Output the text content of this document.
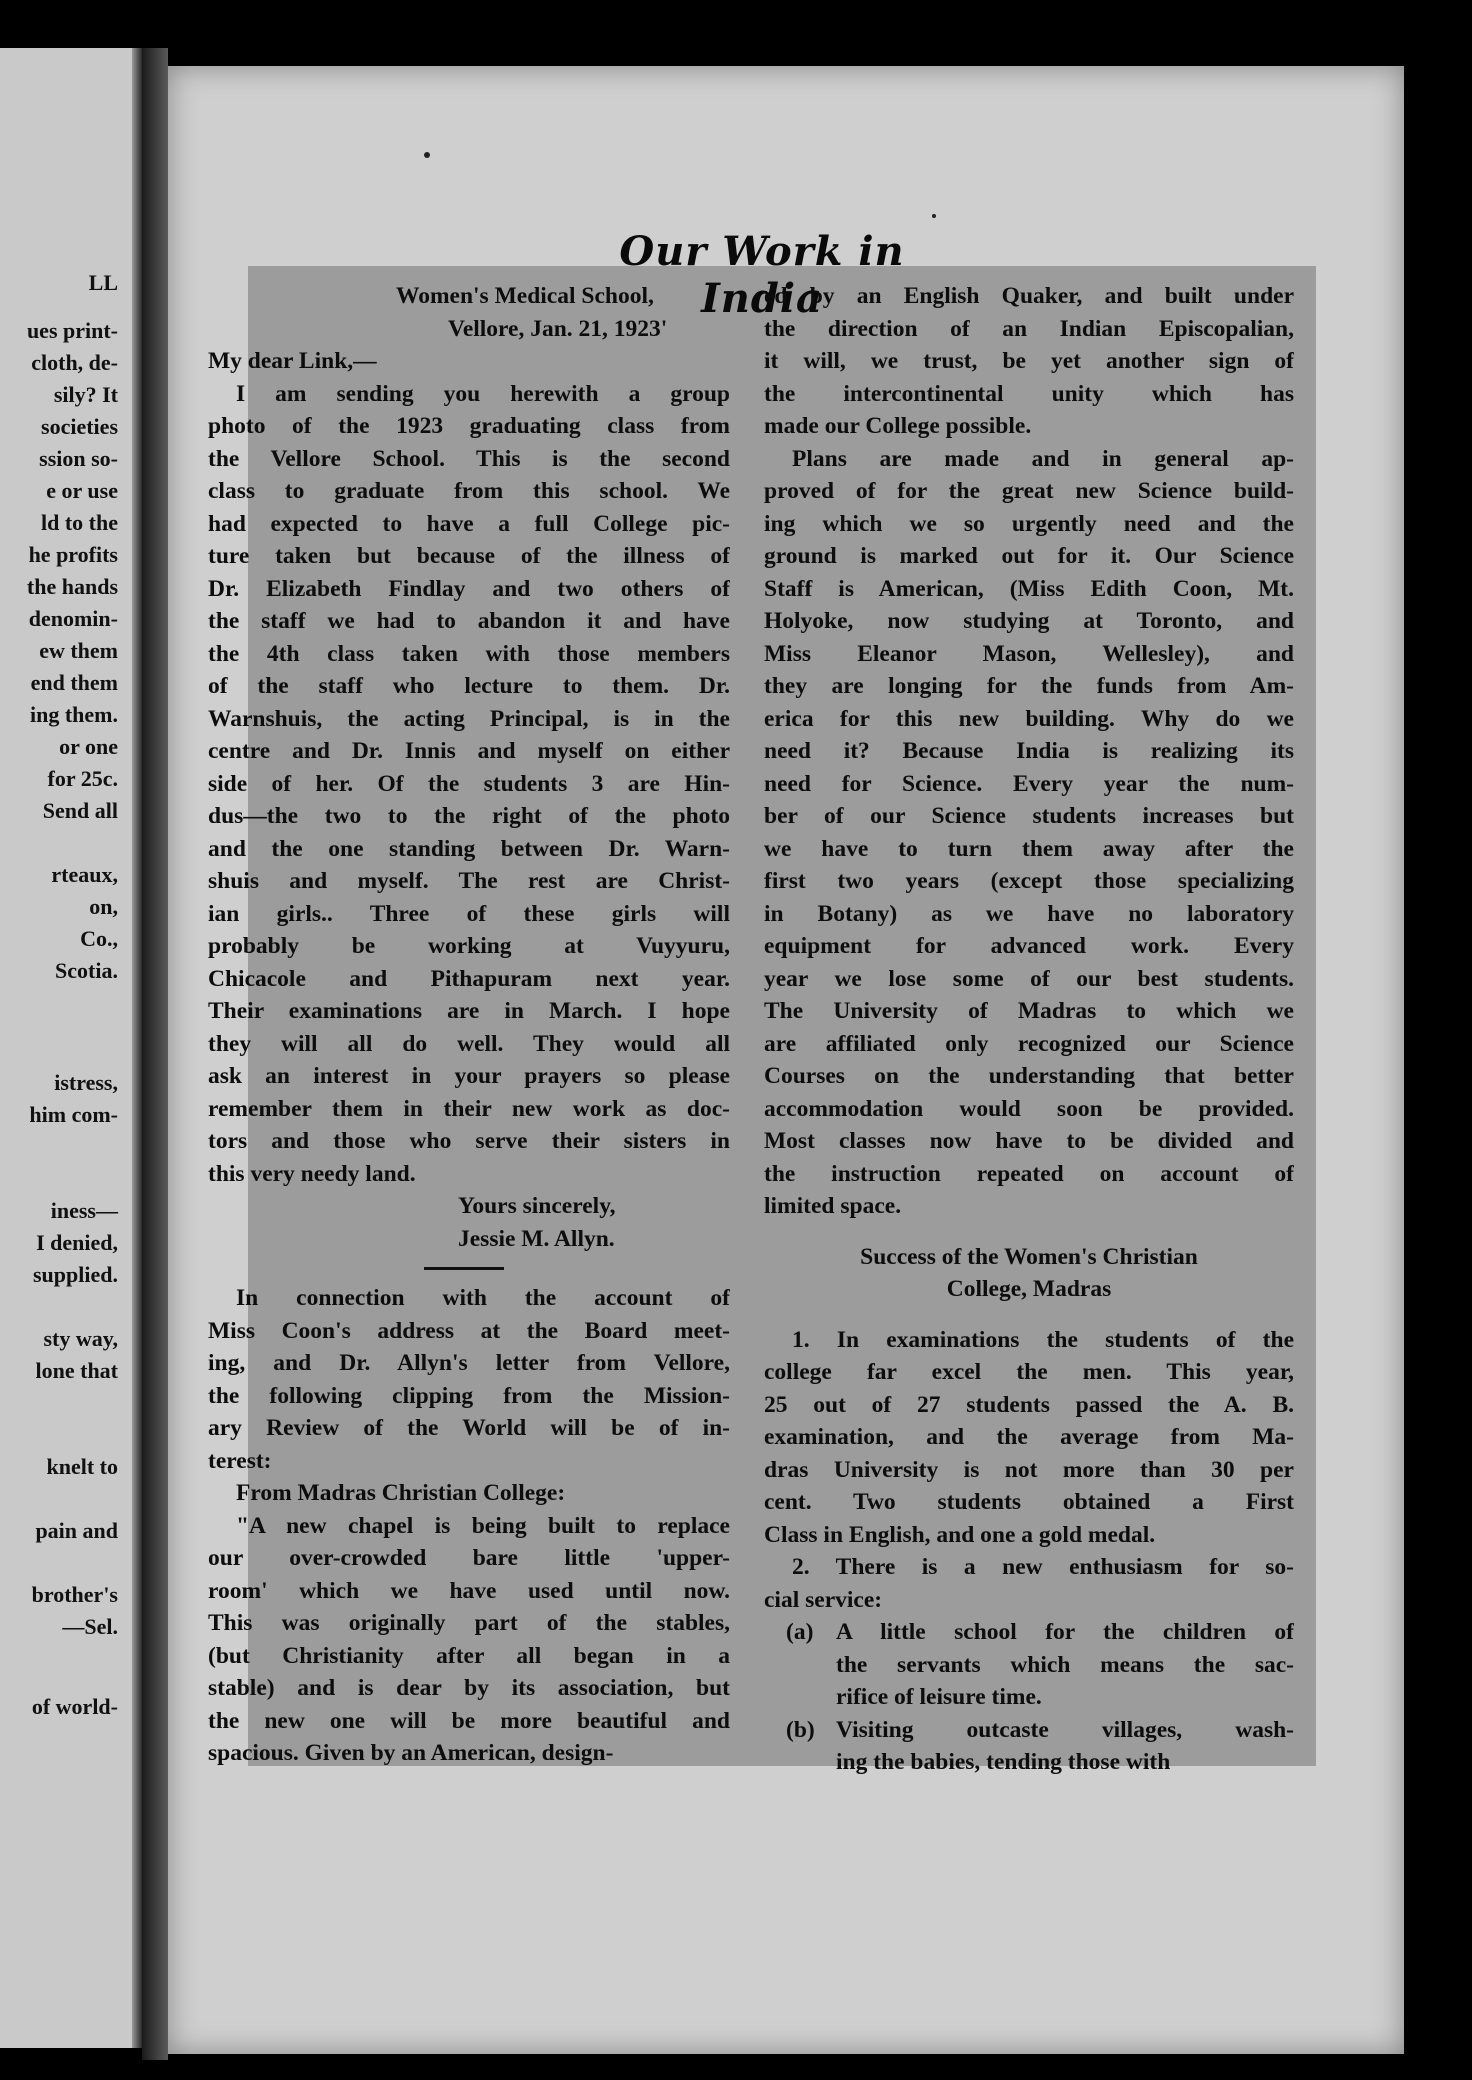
LL
ues print-
cloth, de-
sily? It
societies
ssion so-
e or use
ld to the
he profits
the hands
denomin-
ew them
end them
ing them.
or one
for 25c.
Send all
rteaux,
on,
Co.,
Scotia.
istress,
him com-
iness—
I denied,
supplied.
sty way,
lone that
knelt to
pain and
brother's
—Sel.
of world-
Our Work in India
Women's Medical School,
Vellore, Jan. 21, 1923'
My dear Link,—
I am sending you herewith a group
photo of the 1923 graduating class from
the Vellore School. This is the second
class to graduate from this school. We
had expected to have a full College pic-
ture taken but because of the illness of
Dr. Elizabeth Findlay and two others of
the staff we had to abandon it and have
the 4th class taken with those members
of the staff who lecture to them. Dr.
Warnshuis, the acting Principal, is in the
centre and Dr. Innis and myself on either
side of her. Of the students 3 are Hin-
dus—the two to the right of the photo
and the one standing between Dr. Warn-
shuis and myself. The rest are Christ-
ian girls.. Three of these girls will
probably be working at Vuyyuru,
Chicacole and Pithapuram next year.
Their examinations are in March. I hope
they will all do well. They would all
ask an interest in your prayers so please
remember them in their new work as doc-
tors and those who serve their sisters in
this very needy land.
Yours sincerely,
Jessie M. Allyn.
In connection with the account of
Miss Coon's address at the Board meet-
ing, and Dr. Allyn's letter from Vellore,
the following clipping from the Mission-
ary Review of the World will be of in-
terest:
From Madras Christian College:
"A new chapel is being built to replace
our over-crowded bare little 'upper-
room' which we have used until now.
This was originally part of the stables,
(but Christianity after all began in a
stable) and is dear by its association, but
the new one will be more beautiful and
spacious. Given by an American, design-
ed by an English Quaker, and built under
the direction of an Indian Episcopalian,
it will, we trust, be yet another sign of
the intercontinental unity which has
made our College possible.
Plans are made and in general ap-
proved of for the great new Science build-
ing which we so urgently need and the
ground is marked out for it. Our Science
Staff is American, (Miss Edith Coon, Mt.
Holyoke, now studying at Toronto, and
Miss Eleanor Mason, Wellesley), and
they are longing for the funds from Am-
erica for this new building. Why do we
need it? Because India is realizing its
need for Science. Every year the num-
ber of our Science students increases but
we have to turn them away after the
first two years (except those specializing
in Botany) as we have no laboratory
equipment for advanced work. Every
year we lose some of our best students.
The University of Madras to which we
are affiliated only recognized our Science
Courses on the understanding that better
accommodation would soon be provided.
Most classes now have to be divided and
the instruction repeated on account of
limited space.
Success of the Women's Christian
College, Madras
1. In examinations the students of the
college far excel the men. This year,
25 out of 27 students passed the A. B.
examination, and the average from Ma-
dras University is not more than 30 per
cent. Two students obtained a First
Class in English, and one a gold medal.
2. There is a new enthusiasm for so-
cial service:
(a) A little school for the children of
the servants which means the sac-
rifice of leisure time.
(b) Visiting outcaste villages, wash-
ing the babies, tending those with
